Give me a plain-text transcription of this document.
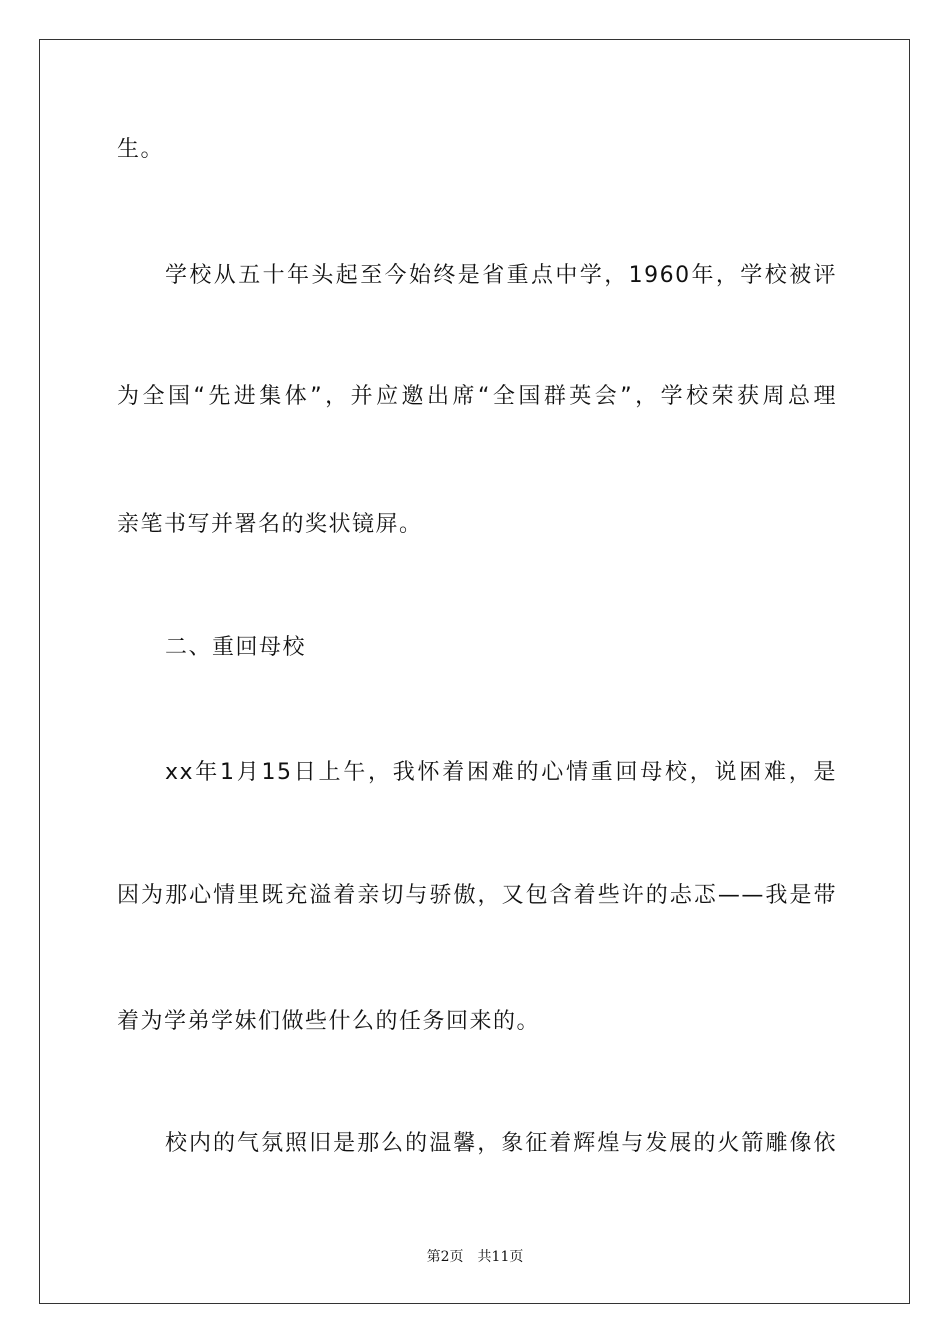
生。
学校从五十年头起至今始终是省重点中学，1960年，学校被评
为全国“先进集体”，并应邀出席“全国群英会”，学校荣获周总理
亲笔书写并署名的奖状镜屏。
二、重回母校
xx年1月15日上午，我怀着困难的心情重回母校，说困难，是
因为那心情里既充溢着亲切与骄傲，又包含着些许的忐忑——我是带
着为学弟学妹们做些什么的任务回来的。
校内的气氛照旧是那么的温馨，象征着辉煌与发展的火箭雕像依
第2页 共11页
